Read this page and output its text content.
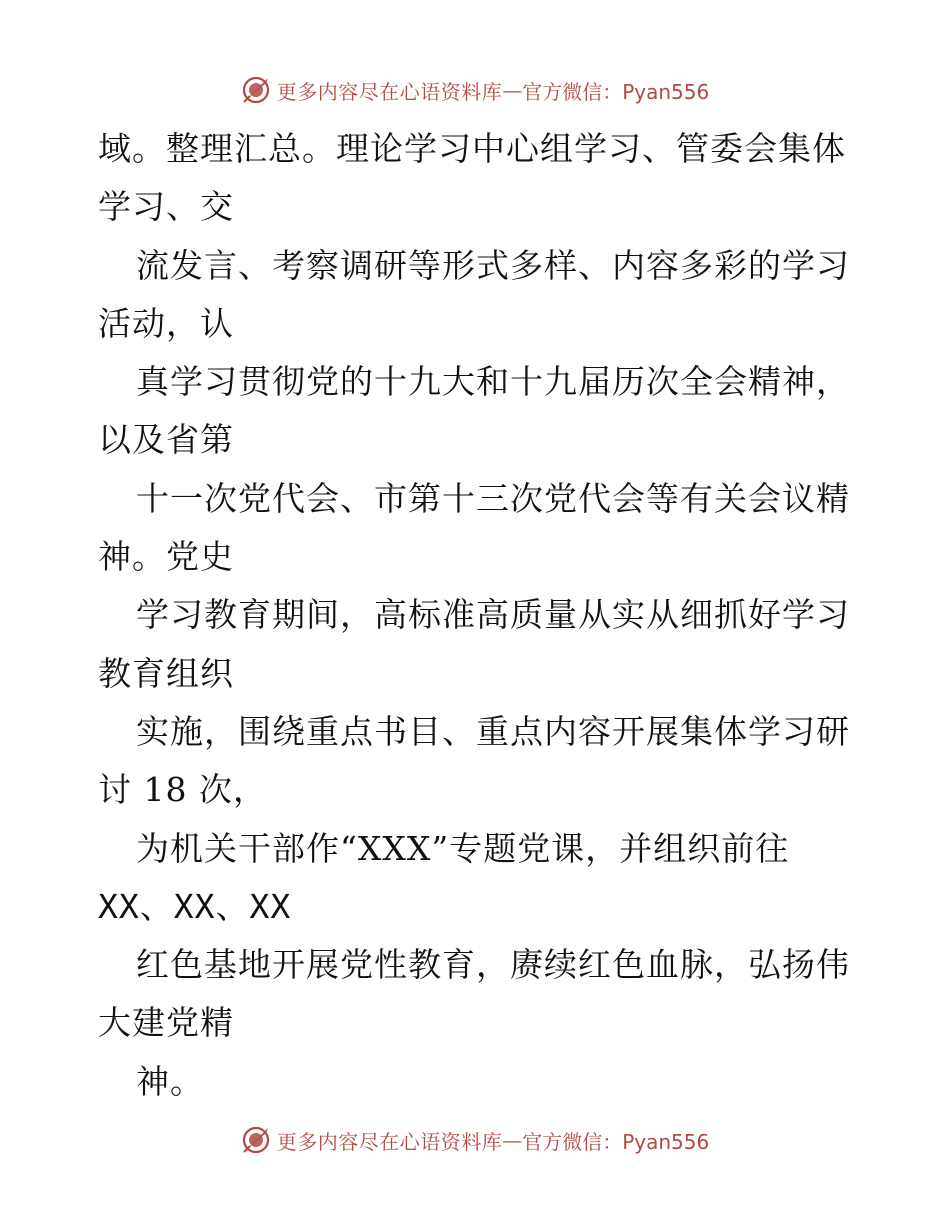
更多内容尽在心语资料库 — 官方微信：Pyan556
域。整理汇总。理论学习中心组学习、管委会集体
学习、交
流发言、考察调研等形式多样、内容多彩的学习
活动，认
真学习贯彻党的十九大和十九届历次全会精神，
以及省第
十一次党代会、市第十三次党代会等有关会议精
神。党史
学习教育期间，高标准高质量从实从细抓好学习
教育组织
实施，围绕重点书目、重点内容开展集体学习研
讨 18 次，
为机关干部作“XXX”专题党课，并组织前往
XX、XX、XX
红色基地开展党性教育，赓续红色血脉，弘扬伟
大建党精
神。
更多内容尽在心语资料库 — 官方微信：Pyan556
